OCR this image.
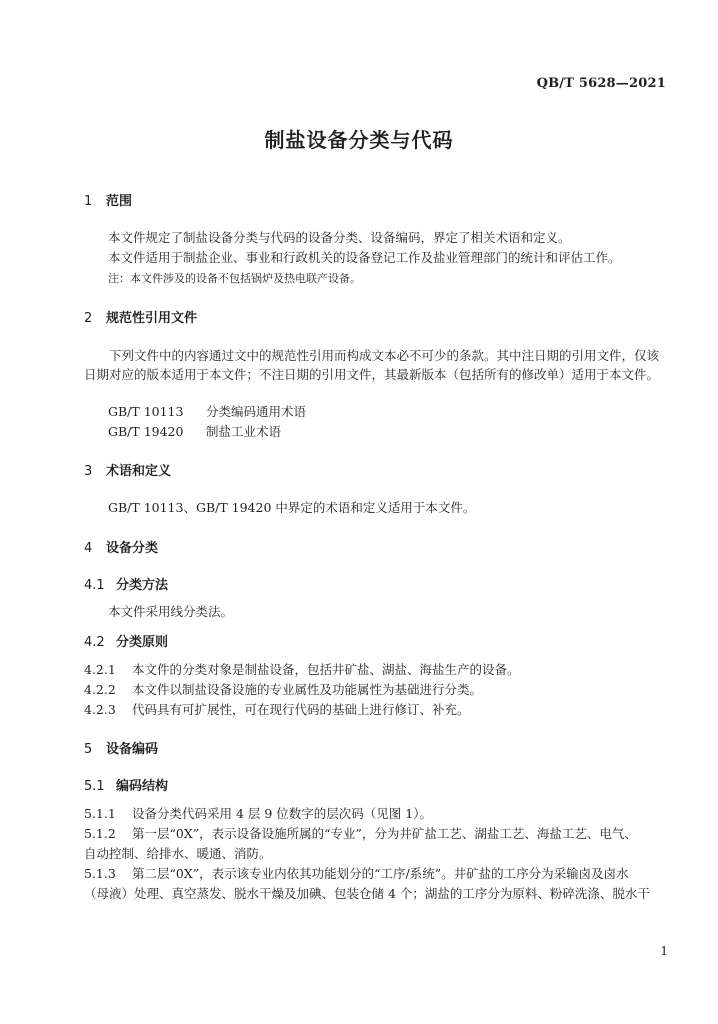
QB/T 5628—2021
制盐设备分类与代码
1 范围
本文件规定了制盐设备分类与代码的设备分类、设备编码，界定了相关术语和定义。
本文件适用于制盐企业、事业和行政机关的设备登记工作及盐业管理部门的统计和评估工作。
注：本文件涉及的设备不包括锅炉及热电联产设备。
2 规范性引用文件
下列文件中的内容通过文中的规范性引用而构成文本必不可少的条款。其中注日期的引用文件，仅该日期对应的版本适用于本文件；不注日期的引用文件，其最新版本（包括所有的修改单）适用于本文件。
GB/T 10113 分类编码通用术语
GB/T 19420 制盐工业术语
3 术语和定义
GB/T 10113、GB/T 19420 中界定的术语和定义适用于本文件。
4 设备分类
4.1 分类方法
本文件采用线分类法。
4.2 分类原则
4.2.1 本文件的分类对象是制盐设备，包括井矿盐、湖盐、海盐生产的设备。
4.2.2 本文件以制盐设备设施的专业属性及功能属性为基础进行分类。
4.2.3 代码具有可扩展性，可在现行代码的基础上进行修订、补充。
5 设备编码
5.1 编码结构
5.1.1 设备分类代码采用 4 层 9 位数字的层次码（见图 1）。
5.1.2 第一层“0X”，表示设备设施所属的“专业”，分为井矿盐工艺、湖盐工艺、海盐工艺、电气、
自动控制、给排水、暖通、消防。
5.1.3 第二层“0X”，表示该专业内依其功能划分的“工序/系统”。井矿盐的工序分为采输卤及卤水
（母液）处理、真空蒸发、脱水干燥及加碘、包装仓储 4 个；湖盐的工序分为原料、粉碎洗涤、脱水干
1
